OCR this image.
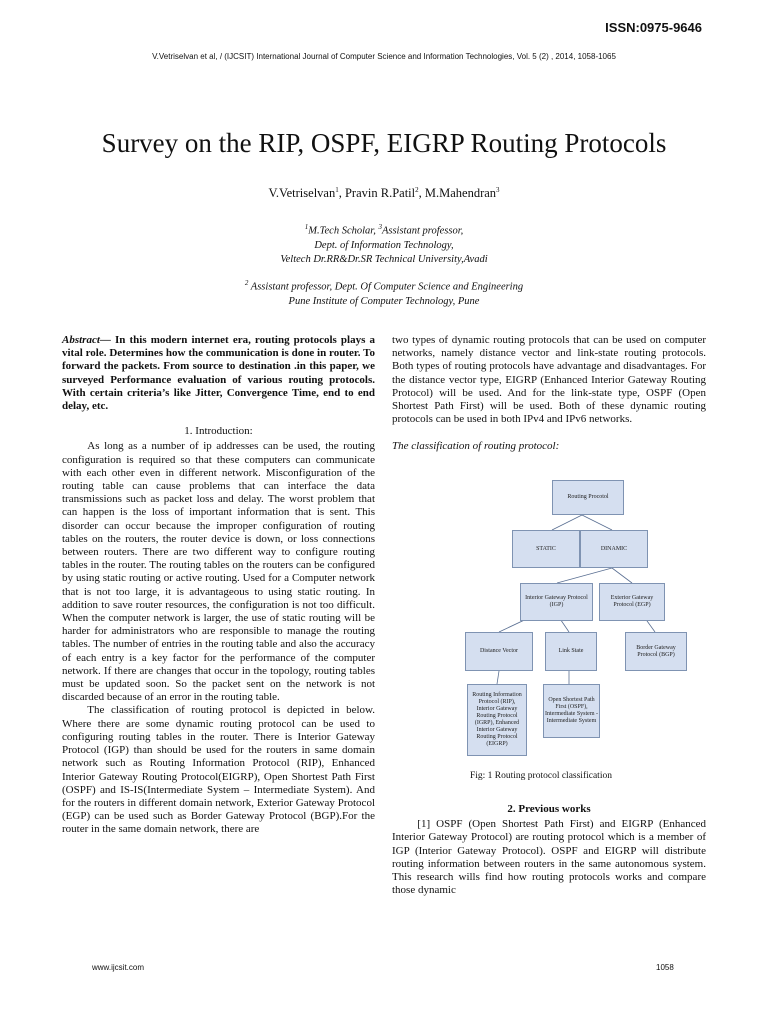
ISSN:0975-9646
V.Vetriselvan et al, / (IJCSIT) International Journal of Computer Science and Information Technologies, Vol. 5 (2) , 2014, 1058-1065
Survey on the RIP, OSPF, EIGRP Routing Protocols
V.Vetriselvan$^1$, Pravin R.Patil$^2$, M.Mahendran$^3$
$^1$M.Tech Scholar, $^3$Assistant professor,
Dept. of Information Technology,
Veltech Dr.RR&Dr.SR Technical University,Avadi
$^2$ Assistant professor, Dept. Of Computer Science and Engineering
Pune Institute of Computer Technology, Pune

Abstract— In this modern internet era, routing protocols plays a vital role. Determines how the communication is done in router. To forward the packets. From source to destination .in this paper, we surveyed Performance evaluation of various routing protocols. With certain criteria’s like Jitter, Convergence Time, end to end delay, etc.

1. Introduction:

As long as a number of ip addresses can be used, the routing configuration is required so that these computers can communicate with each other even in different network. Misconfiguration of the routing table can cause problems that can interface the data transmissions such as packet loss and delay. The worst problem that can happen is the loss of important information that is sent. This disorder can occur because the improper configuration of routing tables on the routers, the router device is down, or loss connections between routers. There are two different way to configure routing tables in the router. The routing tables on the routers can be configured by using static routing or active routing. Used for a Computer network that is not too large, it is advantageous to using static routing. In addition to save router resources, the configuration is not too difficult. When the computer network is larger, the use of static routing will be harder for administrators who are responsible to manage the routing tables. The number of entries in the routing table and also the accuracy of each entry is a key factor for the performance of the computer network. If there are changes that occur in the topology, routing tables must be updated soon. So the packet sent on the network is not discarded because of an error in the routing table.

The classification of routing protocol is depicted in below. Where there are some dynamic routing protocol can be used to configuring routing tables in the router. There is Interior Gateway Protocol (IGP) than should be used for the routers in same domain network such as Routing Information Protocol (RIP), Enhanced Interior Gateway Routing Protocol(EIGRP), Open Shortest Path First (OSPF) and IS-IS(Intermediate System – Intermediate System). And for the routers in different domain network, Exterior Gateway Protocol (EGP) can be used such as Border Gateway Protocol (BGP).For the router in the same domain network, there are

two types of dynamic routing protocols that can be used on computer networks, namely distance vector and link-state routing protocols. Both types of routing protocols have advantage and disadvantages. For the distance vector type, EIGRP (Enhanced Interior Gateway Routing Protocol) will be used. And for the link-state type, OSPF (Open Shortest Path First) will be used. Both of these dynamic routing protocols can be used in both IPv4 and IPv6 networks.

The classification of routing protocol:

Routing Procotol
STATIC	DINAMIC
Interior Gateway Protocol (IGP)
Exterior Gateway Protocol (EGP)
Distance Vector	Link State
Border Gateway Protocol (BGP)
Routing Information Protocol (RIP), Interior Gateway Routing Protocol (IGRP), Enhanced Interior Gateway Routing Protocol (EIGRP)
Open Shortest Path First (OSPF), Intermediate System - Intermediate System
Fig: 1 Routing protocol classification
2. Previous works

[1] OSPF (Open Shortest Path First) and EIGRP (Enhanced Interior Gateway Protocol) are routing protocol which is a member of IGP (Interior Gateway Protocol). OSPF and EIGRP will distribute routing information between routers in the same autonomous system. This research wills find how routing protocols works and compare those dynamic

www.ijcsit.com	1058
